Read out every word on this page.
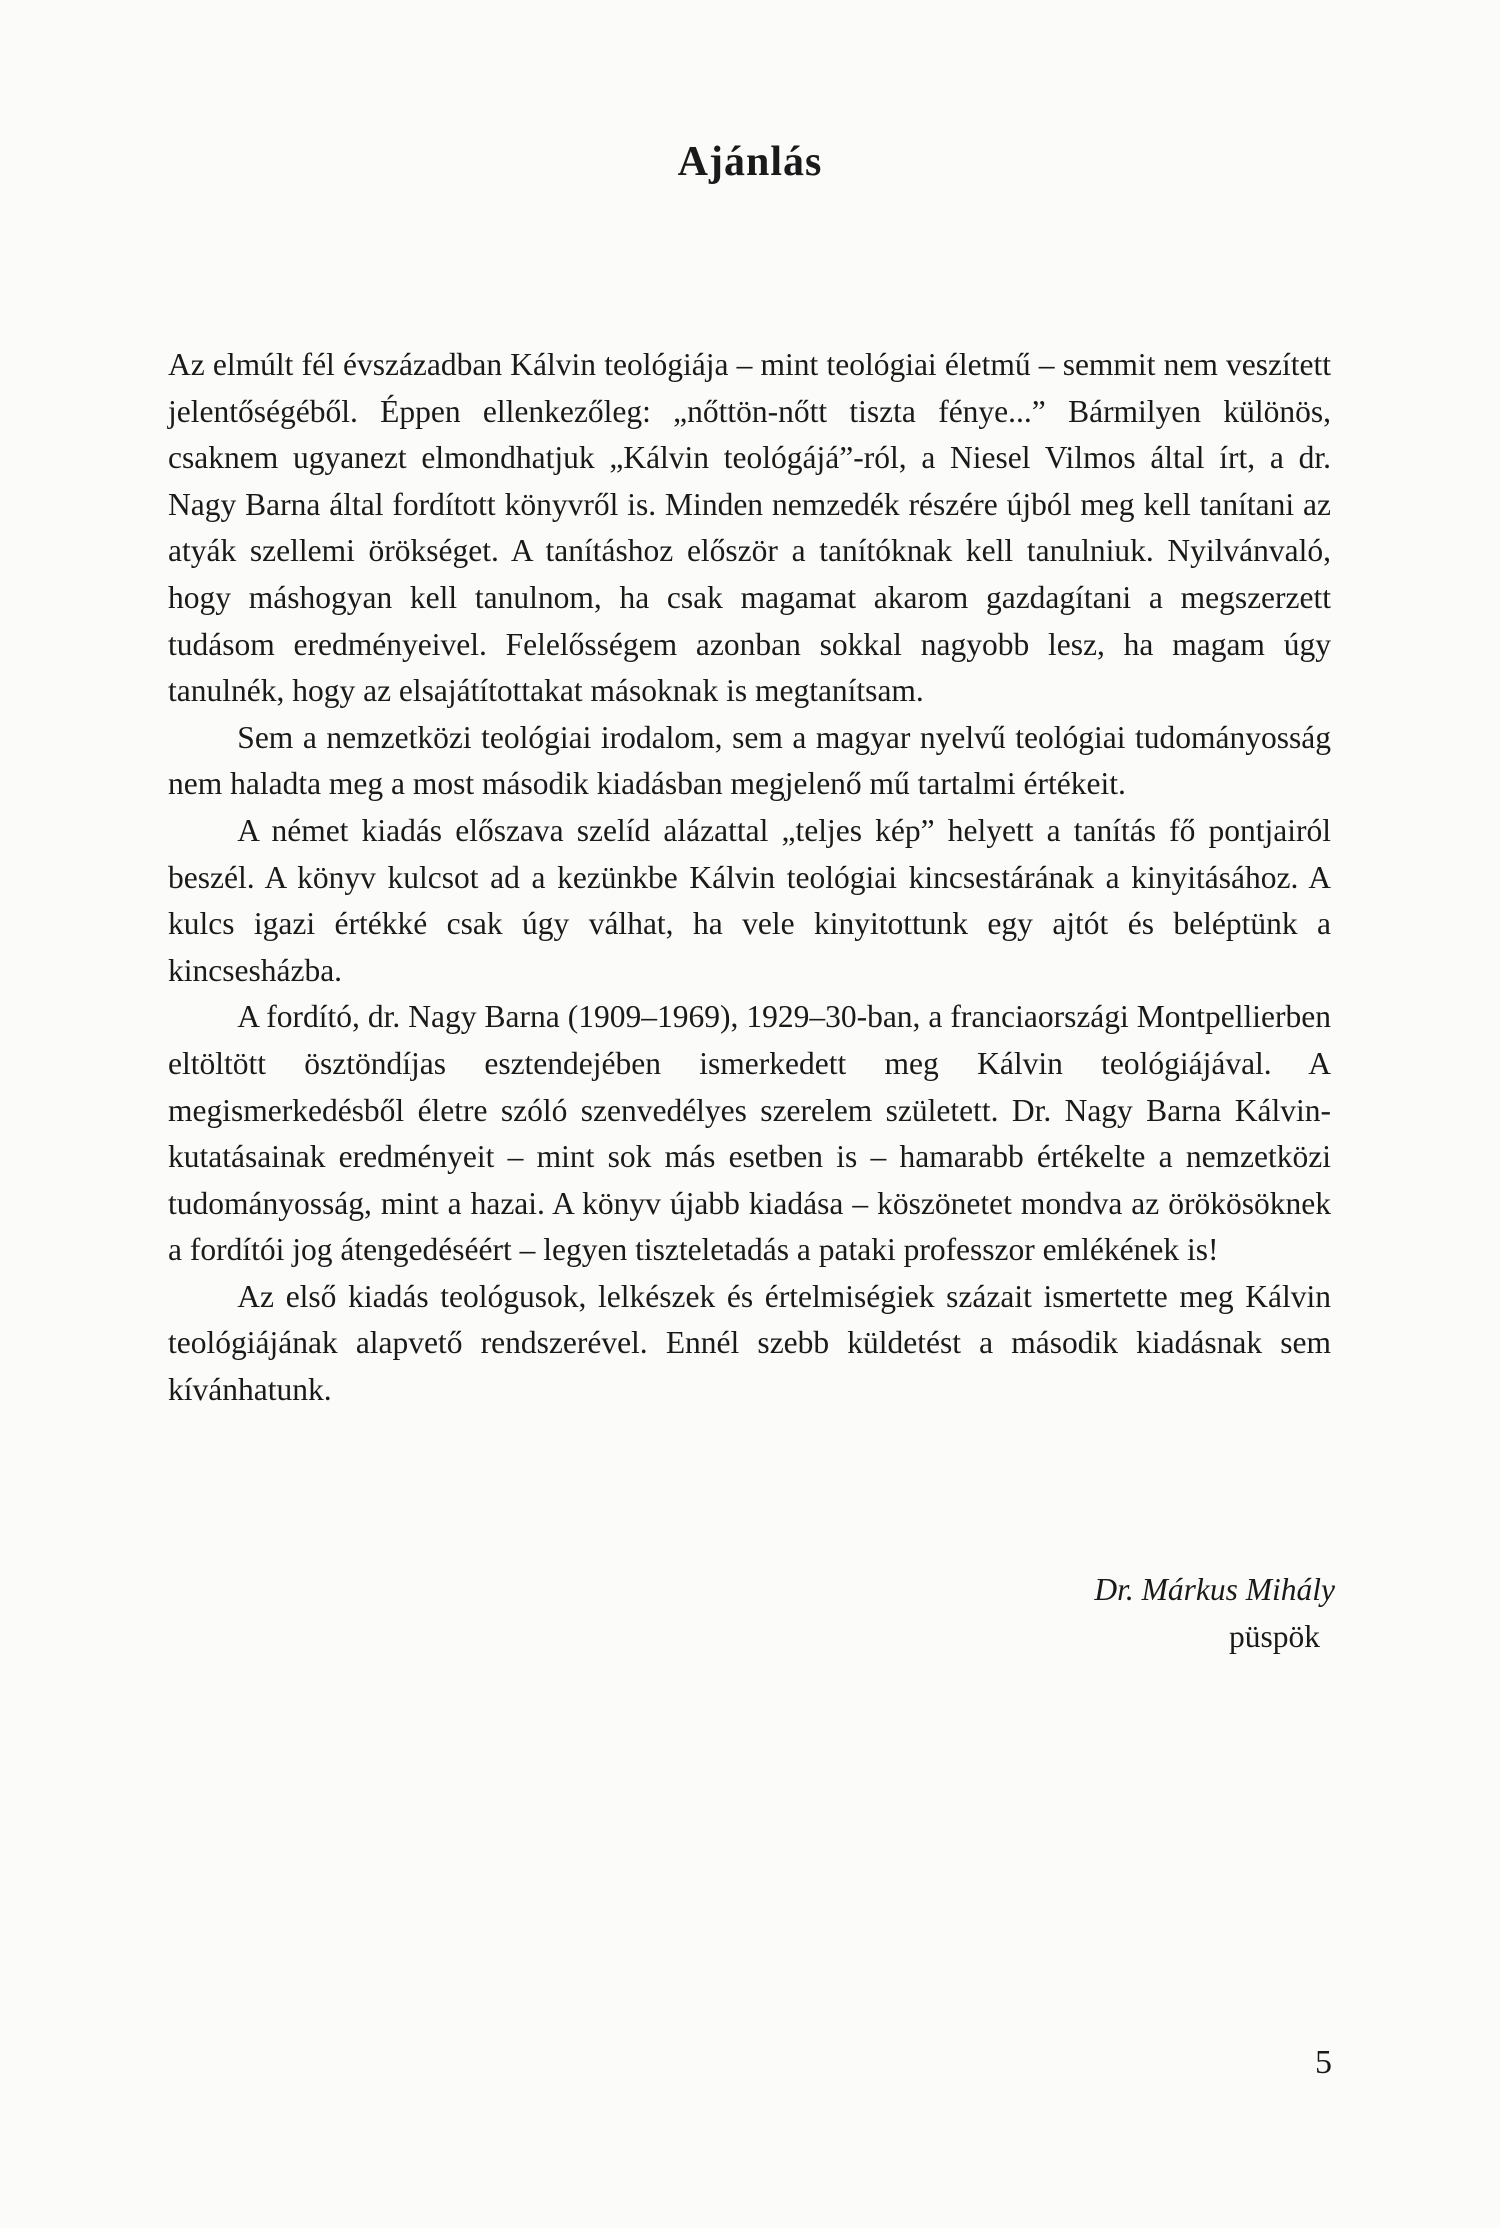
Ajánlás

Az elmúlt fél évszázadban Kálvin teológiája – mint teológiai életmű – semmit nem veszített jelentőségéből. Éppen ellenkezőleg: „nőttön-nőtt tiszta fénye...” Bármilyen különös, csaknem ugyanezt elmondhatjuk „Kálvin teológájá”-ról, a Niesel Vilmos által írt, a dr. Nagy Barna által fordított könyvről is. Minden nemzedék részére újból meg kell tanítani az atyák szellemi örökséget. A tanításhoz először a tanítóknak kell tanulniuk. Nyilvánvaló, hogy máshogyan kell tanulnom, ha csak magamat akarom gazdagítani a megszerzett tudásom eredményeivel. Felelősségem azonban sokkal nagyobb lesz, ha magam úgy tanulnék, hogy az elsajátítottakat másoknak is megtanítsam.

Sem a nemzetközi teológiai irodalom, sem a magyar nyelvű teológiai tudományosság nem haladta meg a most második kiadásban megjelenő mű tartalmi értékeit.

A német kiadás előszava szelíd alázattal „teljes kép” helyett a tanítás fő pontjairól beszél. A könyv kulcsot ad a kezünkbe Kálvin teológiai kincsestárának a kinyitásához. A kulcs igazi értékké csak úgy válhat, ha vele kinyitottunk egy ajtót és beléptünk a kincsesházba.

A fordító, dr. Nagy Barna (1909–1969), 1929–30-ban, a franciaországi Montpellierben eltöltött ösztöndíjas esztendejében ismerkedett meg Kálvin teológiájával. A megismerkedésből életre szóló szenvedélyes szerelem született. Dr. Nagy Barna Kálvin-kutatásainak eredményeit – mint sok más esetben is – hamarabb értékelte a nemzetközi tudományosság, mint a hazai. A könyv újabb kiadása – köszönetet mondva az örökösöknek a fordítói jog átengedéséért – legyen tiszteletadás a pataki professzor emlékének is!

Az első kiadás teológusok, lelkészek és értelmiségiek százait ismertette meg Kálvin teológiájának alapvető rendszerével. Ennél szebb küldetést a második kiadásnak sem kívánhatunk.

Dr. Márkus Mihály
püspök
5
